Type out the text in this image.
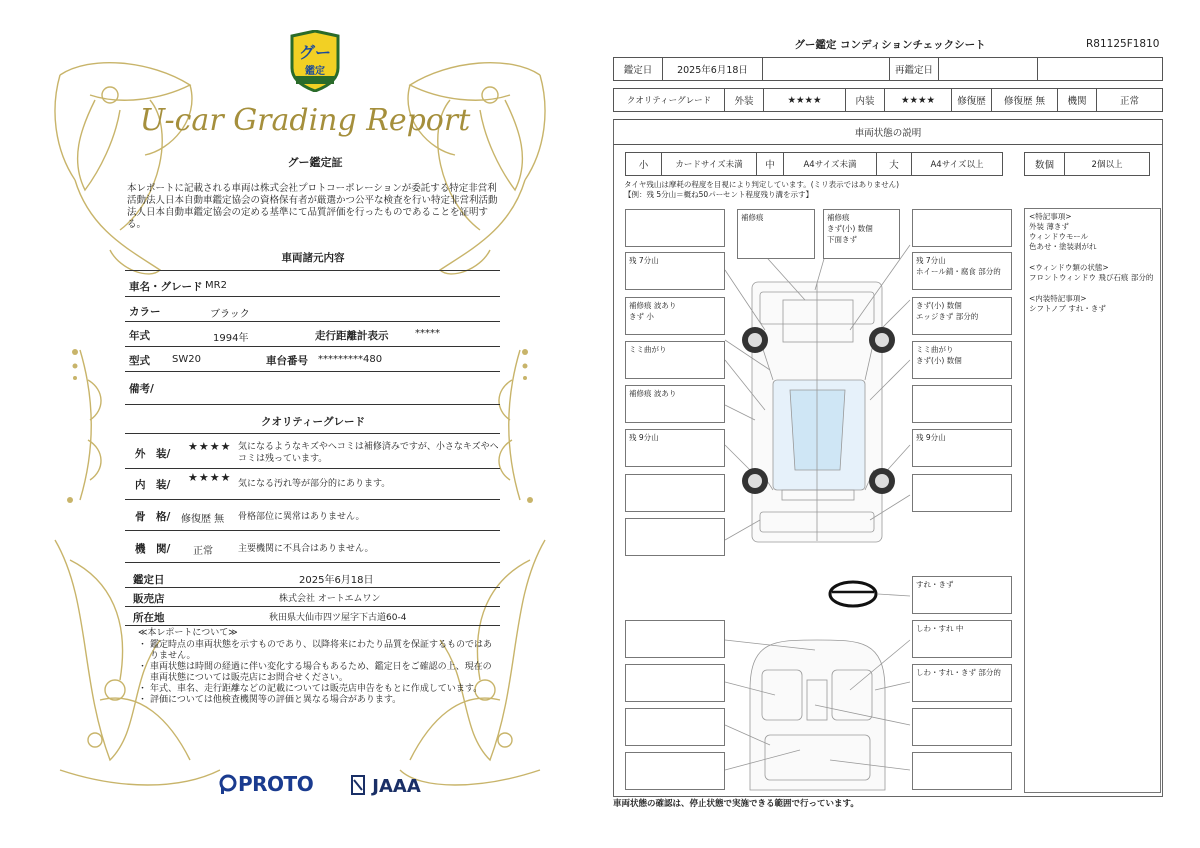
グー
鑑定
U-car Grading Report
グー鑑定証
本レポートに記載される車両は株式会社プロトコーポレーションが委託する特定非営利活動法人日本自動車鑑定協会の資格保有者が厳選かつ公平な検査を行い特定非営利活動法人日本自動車鑑定協会の定める基準にて品質評価を行ったものであることを証明する。
車両諸元内容
車名・グレード MR2
カラー	ブラック
年式	1994年	走行距離計表示	*****
型式 SW20	車台番号 *********480
備考/
クオリティーグレード
外　装/
★★★★ 気になるようなキズやヘコミは補修済みですが、小さなキズやヘコミは残っています。
内　装/
★★★★ 気になる汚れ等が部分的にあります。
骨　格/ 修復歴 無 骨格部位に異常はありません。
機　関/ 正常	主要機関に不具合はありません。
鑑定日	2025年6月18日
販売店	株式会社 オートエムワン
所在地	秋田県大仙市四ツ屋字下古道60-4
≪本レポートについて≫
・ 鑑定時点の車両状態を示すものであり、以降将来にわたり品質を保証するものではありません。
・ 車両状態は時間の経過に伴い変化する場合もあるため、鑑定日をご確認の上、現在の車両状態については販売店にお問合せください。
・ 年式、車名、走行距離などの記載については販売店申告をもとに作成しています。
・ 評価については他検査機関等の評価と異なる場合があります。
PROTO	JAAA
グー鑑定 コンディションチェックシート	R81125F1810
鑑定日	2025年6月18日	再鑑定日
クオリティーグレード	外装	★★★★	内装	★★★★	修復歴	修復歴 無	機関	正常
車両状態の説明
小	カードサイズ未満	中	A4サイズ未満	大	A4サイズ以上	数個	2個以上
タイヤ残山は摩耗の程度を目視により判定しています。(ミリ表示ではありません)
【例：残 5分山＝概ね50パーセント程度残り溝を示す】
残 7分山
補修痕 波あり
きず 小
ミミ曲がり
補修痕 波あり
残 9分山
補修痕	補修痕
きず(小) 数個
下面きず
残 7分山
ホイール錆・腐食 部分的
きず(小) 数個
エッジきず 部分的
ミミ曲がり
きず(小) 数個
残 9分山
すれ・きず
しわ・すれ 中
しわ・すれ・きず 部分的
<特記事項>
外装 薄きず
ウィンドウモール
色あせ・塗装剥がれ
<ウィンドウ類の状態>
フロントウィンドウ 飛び石痕 部分的
<内装特記事項>
シフトノブ すれ・きず
車両状態の確認は、停止状態で実施できる範囲で行っています。
